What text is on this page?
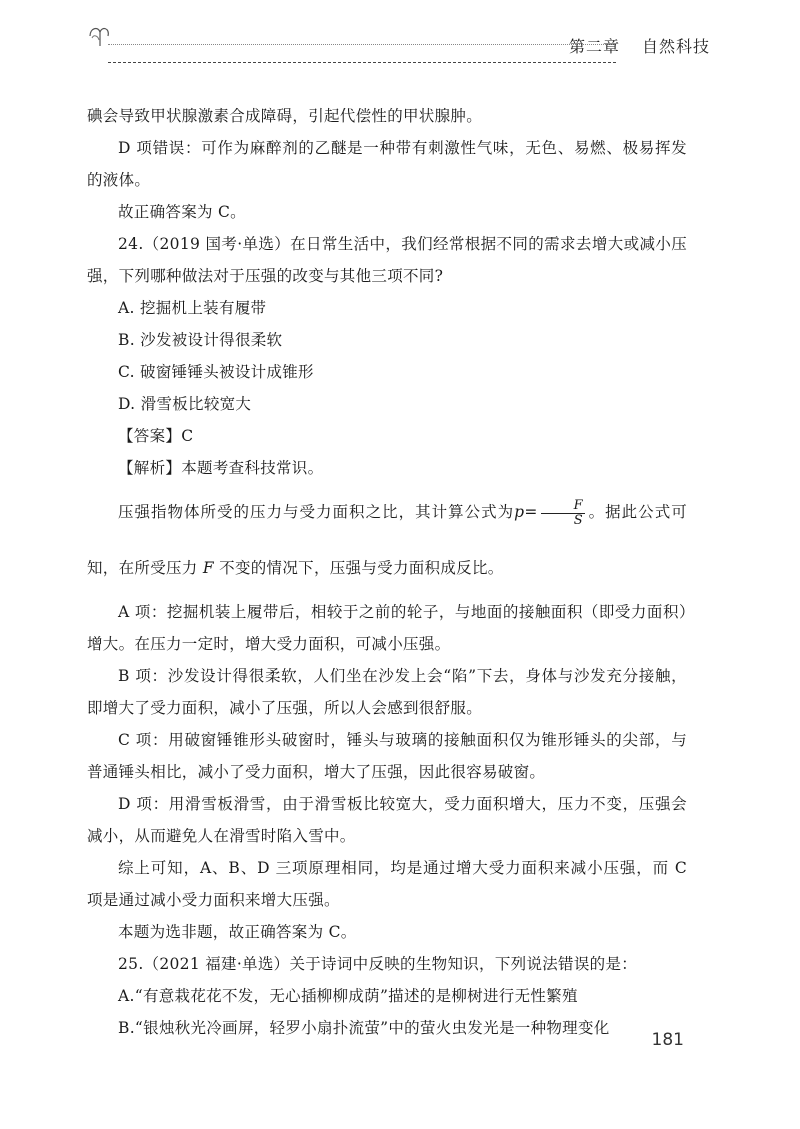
第二章 自然科技

碘会导致甲状腺激素合成障碍，引起代偿性的甲状腺肿。

D 项错误：可作为麻醉剂的乙醚是一种带有刺激性气味，无色、易燃、极易挥发的液体。

故正确答案为 C。

24.（2019 国考·单选）在日常生活中，我们经常根据不同的需求去增大或减小压强，下列哪种做法对于压强的改变与其他三项不同?

A. 挖掘机上装有履带

B. 沙发被设计得很柔软

C. 破窗锤锤头被设计成锥形

D. 滑雪板比较宽大

【答案】C

【解析】本题考查科技常识。

压强指物体所受的压力与受力面积之比，其计算公式为$p= \frac{F}{S}$ 。据此公式可知，在所受压力 F 不变的情况下，压强与受力面积成反比。

A 项：挖掘机装上履带后，相较于之前的轮子，与地面的接触面积（即受力面积）增大。在压力一定时，增大受力面积，可减小压强。

B 项：沙发设计得很柔软，人们坐在沙发上会“陷”下去，身体与沙发充分接触，即增大了受力面积，减小了压强，所以人会感到很舒服。

C 项：用破窗锤锥形头破窗时，锤头与玻璃的接触面积仅为锥形锤头的尖部，与普通锤头相比，减小了受力面积，增大了压强，因此很容易破窗。

D 项：用滑雪板滑雪，由于滑雪板比较宽大，受力面积增大，压力不变，压强会减小，从而避免人在滑雪时陷入雪中。

综上可知，A、B、D 三项原理相同，均是通过增大受力面积来减小压强，而 C 项是通过减小受力面积来增大压强。

本题为选非题，故正确答案为 C。

25.（2021 福建·单选）关于诗词中反映的生物知识，下列说法错误的是：

A.“有意栽花花不发，无心插柳柳成荫”描述的是柳树进行无性繁殖

B.“银烛秋光冷画屏，轻罗小扇扑流萤”中的萤火虫发光是一种物理变化

181
